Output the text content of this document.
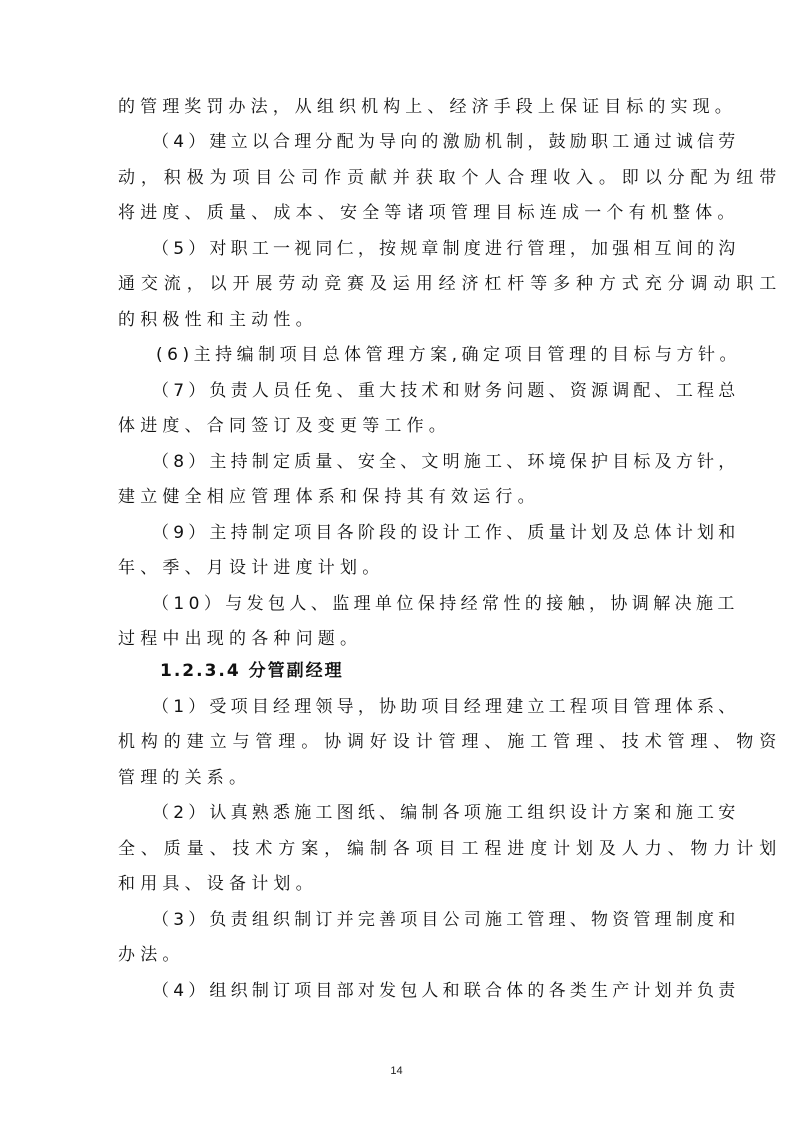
的管理奖罚办法，从组织机构上、经济手段上保证目标的实现。
（4）建立以合理分配为导向的激励机制，鼓励职工通过诚信劳
动，积极为项目公司作贡献并获取个人合理收入。即以分配为纽带
将进度、质量、成本、安全等诸项管理目标连成一个有机整体。
（5）对职工一视同仁，按规章制度进行管理，加强相互间的沟
通交流，以开展劳动竞赛及运用经济杠杆等多种方式充分调动职工
的积极性和主动性。
(6)主持编制项目总体管理方案,确定项目管理的目标与方针。
（7）负责人员任免、重大技术和财务问题、资源调配、工程总
体进度、合同签订及变更等工作。
（8）主持制定质量、安全、文明施工、环境保护目标及方针，
建立健全相应管理体系和保持其有效运行。
（9）主持制定项目各阶段的设计工作、质量计划及总体计划和
年、季、月设计进度计划。
（10）与发包人、监理单位保持经常性的接触，协调解决施工
过程中出现的各种问题。
1.2.3.4 分管副经理
（1）受项目经理领导，协助项目经理建立工程项目管理体系、
机构的建立与管理。协调好设计管理、施工管理、技术管理、物资
管理的关系。
（2）认真熟悉施工图纸、编制各项施工组织设计方案和施工安
全、质量、技术方案，编制各项目工程进度计划及人力、物力计划
和用具、设备计划。
（3）负责组织制订并完善项目公司施工管理、物资管理制度和
办法。
（4）组织制订项目部对发包人和联合体的各类生产计划并负责
14
